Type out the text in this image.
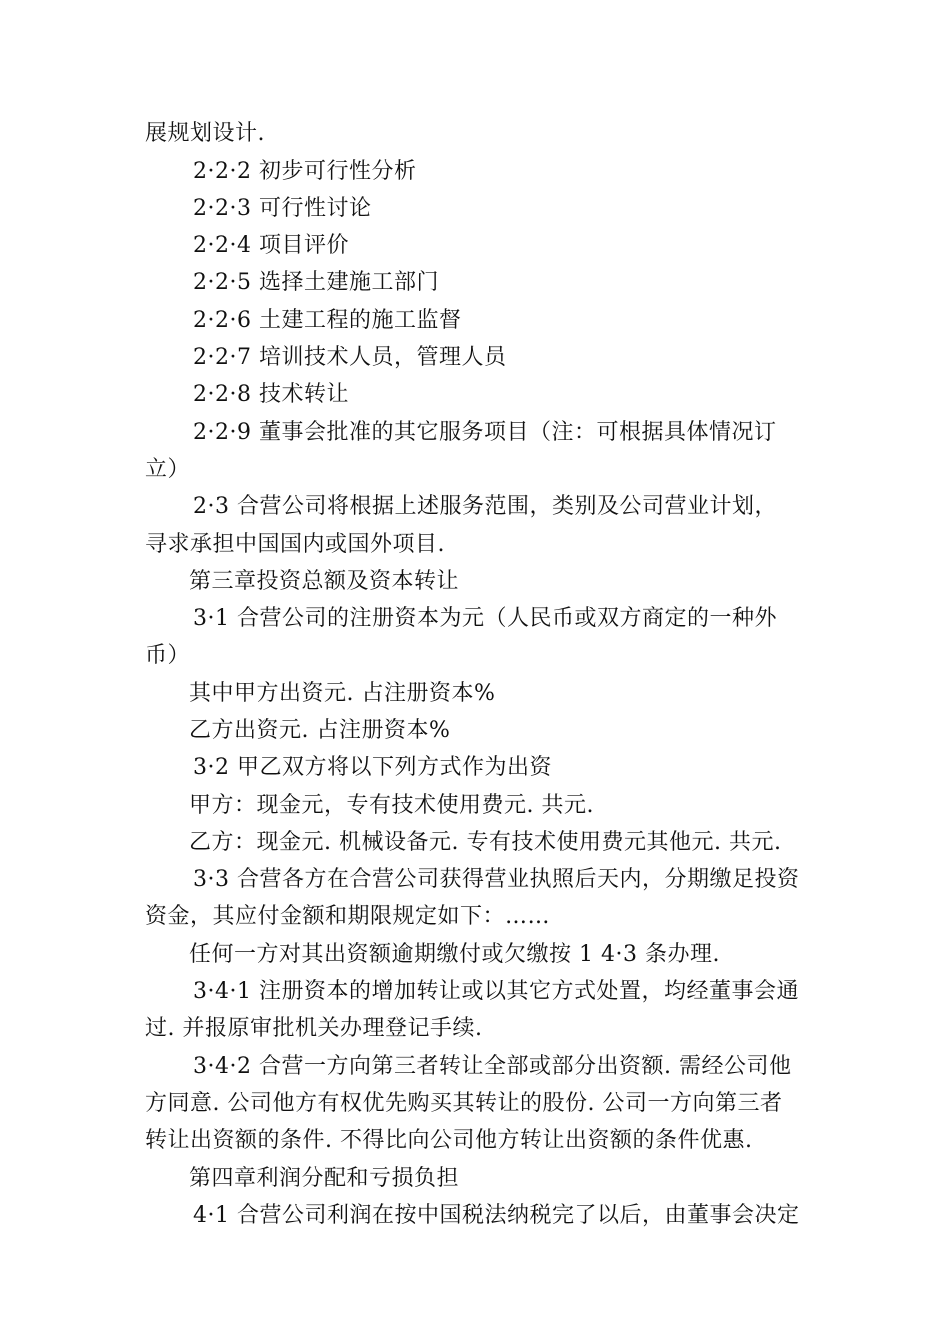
展规划设计.
2·2·2 初步可行性分析
2·2·3 可行性讨论
2·2·4 项目评价
2·2·5 选择土建施工部门
2·2·6 土建工程的施工监督
2·2·7 培训技术人员，管理人员
2·2·8 技术转让
2·2·9 董事会批准的其它服务项目（注：可根据具体情况订
立）
2·3 合营公司将根据上述服务范围，类别及公司营业计划，
寻求承担中国国内或国外项目.
第三章投资总额及资本转让
3·1 合营公司的注册资本为元（人民币或双方商定的一种外
币）
其中甲方出资元. 占注册资本%
乙方出资元. 占注册资本%
3·2 甲乙双方将以下列方式作为出资
甲方：现金元，专有技术使用费元. 共元.
乙方：现金元. 机械设备元. 专有技术使用费元其他元. 共元.
3·3 合营各方在合营公司获得营业执照后天内，分期缴足投资
资金，其应付金额和期限规定如下：……
任何一方对其出资额逾期缴付或欠缴按 1 4·3 条办理.
3·4·1 注册资本的增加转让或以其它方式处置，均经董事会通
过. 并报原审批机关办理登记手续.
3·4·2 合营一方向第三者转让全部或部分出资额. 需经公司他
方同意. 公司他方有权优先购买其转让的股份. 公司一方向第三者
转让出资额的条件. 不得比向公司他方转让出资额的条件优惠.
第四章利润分配和亏损负担
4·1 合营公司利润在按中国税法纳税完了以后，由董事会决定
